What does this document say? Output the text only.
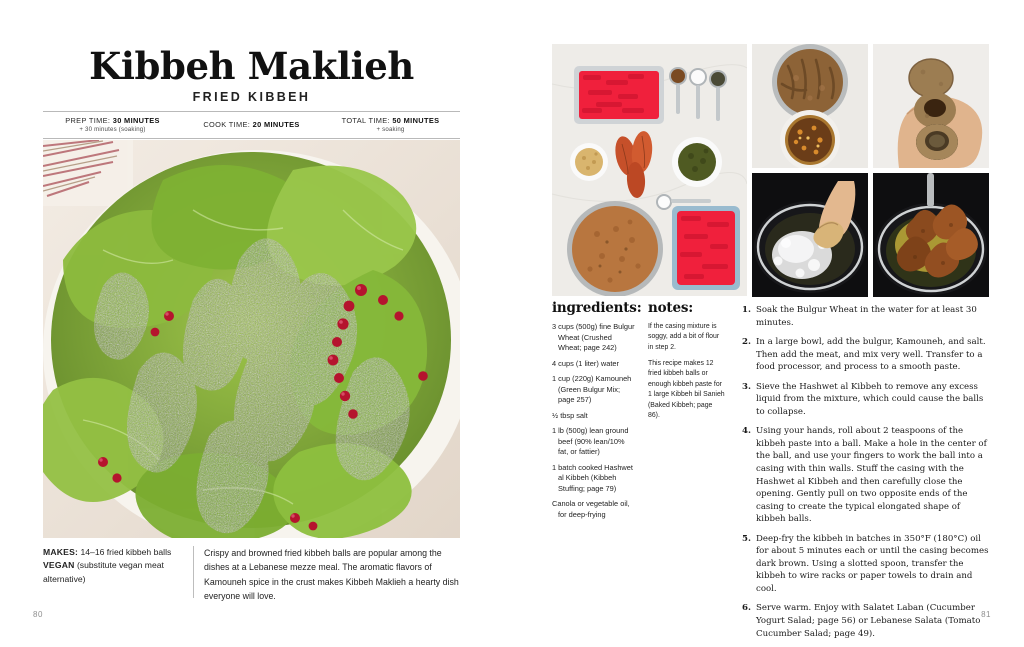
Kibbeh Maklieh
FRIED KIBBEH
PREP TIME: 30 MINUTES
+ 30 minutes (soaking)
COOK TIME: 20 MINUTES	TOTAL TIME: 50 MINUTES
+ soaking
MAKES: 14–16 fried kibbeh balls
VEGAN (substitute vegan meat alternative)
Crispy and browned fried kibbeh balls are popular among the dishes at a Lebanese mezze meal. The aromatic flavors of Kamouneh spice in the crust makes Kibbeh Maklieh a hearty dish everyone will love.
80
ingredients:
3 cups (500g) fine Bulgur Wheat (Crushed Wheat; page 242)
4 cups (1 liter) water
1 cup (220g) Kamouneh (Green Bulgur Mix; page 257)
½ tbsp salt
1 lb (500g) lean ground beef (90% lean/10% fat, or fattier)
1 batch cooked Hashwet al Kibbeh (Kibbeh Stuffing; page 79)
Canola or vegetable oil, for deep-frying
notes:

If the casing mixture is soggy, add a bit of flour in step 2.

This recipe makes 12 fried kibbeh balls or enough kibbeh paste for 1 large Kibbeh bil Sanieh (Baked Kibbeh; page 86).

1. Soak the Bulgur Wheat in the water for at least 30 minutes.
2. In a large bowl, add the bulgur, Kamouneh, and salt. Then add the meat, and mix very well. Transfer to a food processor, and process to a smooth paste.
3. Sieve the Hashwet al Kibbeh to remove any excess liquid from the mixture, which could cause the balls to collapse.
4. Using your hands, roll about 2 teaspoons of the kibbeh paste into a ball. Make a hole in the center of the ball, and use your fingers to work the ball into a casing with thin walls. Stuff the casing with the Hashwet al Kibbeh and then carefully close the opening. Gently pull on two opposite ends of the casing to create the typical elongated shape of kibbeh balls.
5. Deep-fry the kibbeh in batches in 350°F (180°C) oil for about 5 minutes each or until the casing becomes dark brown. Using a slotted spoon, transfer the kibbeh to wire racks or paper towels to drain and cool.
6. Serve warm. Enjoy with Salatet Laban (Cucumber Yogurt Salad; page 56) or Lebanese Salata (Tomato Cucumber Salad; page 49).
81
